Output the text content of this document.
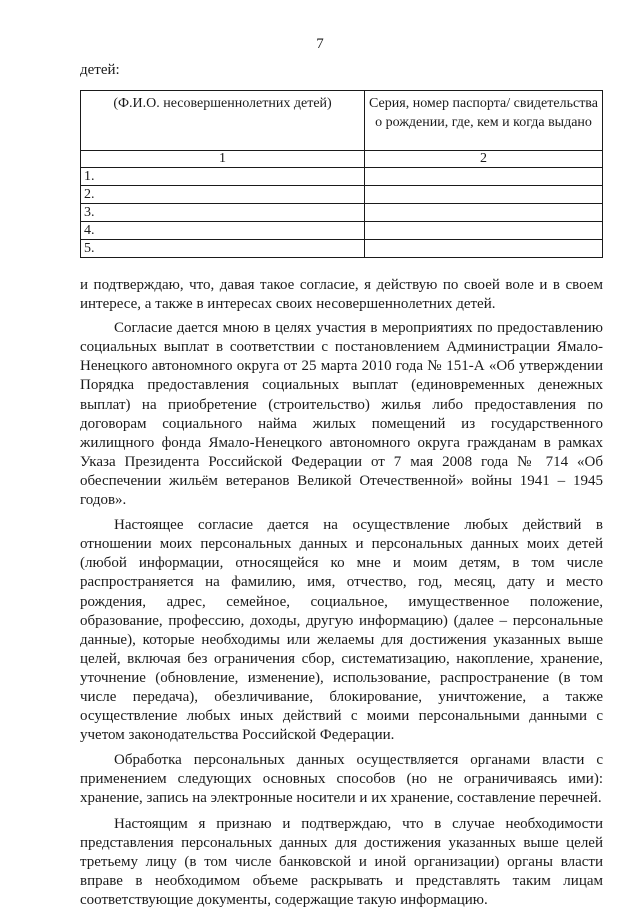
7
детей:
(Ф.И.О. несовершеннолетних детей)	Серия, номер паспорта/ свидетельства о рождении, где, кем и когда выдано
1	2
1.	
2.	
3.	
4.	
5.	

и подтверждаю, что, давая такое согласие, я действую по своей воле и в своем интересе, а также в интересах своих несовершеннолетних детей.

Согласие дается мною в целях участия в мероприятиях по предоставлению социальных выплат в соответствии с постановлением Администрации Ямало-Ненецкого автономного округа от 25 марта 2010 года № 151-А «Об утверждении Порядка предоставления социальных выплат (единовременных денежных выплат) на приобретение (строительство) жилья либо предоставления по договорам социального найма жилых помещений из государственного жилищного фонда Ямало-Ненецкого автономного округа гражданам в рамках Указа Президента Российской Федерации от 7 мая 2008 года № 714 «Об обеспечении жильём ветеранов Великой Отечественной» войны 1941 – 1945 годов».

Настоящее согласие дается на осуществление любых действий в отношении моих персональных данных и персональных данных моих детей (любой информации, относящейся ко мне и моим детям, в том числе распространяется на фамилию, имя, отчество, год, месяц, дату и место рождения, адрес, семейное, социальное, имущественное положение, образование, профессию, доходы, другую информацию) (далее – персональные данные), которые необходимы или желаемы для достижения указанных выше целей, включая без ограничения сбор, систематизацию, накопление, хранение, уточнение (обновление, изменение), использование, распространение (в том числе передача), обезличивание, блокирование, уничтожение, а также осуществление любых иных действий с моими персональными данными с учетом законодательства Российской Федерации.

Обработка персональных данных осуществляется органами власти с применением следующих основных способов (но не ограничиваясь ими): хранение, запись на электронные носители и их хранение, составление перечней.

Настоящим я признаю и подтверждаю, что в случае необходимости представления персональных данных для достижения указанных выше целей третьему лицу (в том числе банковской и иной организации) органы власти вправе в необходимом объеме раскрывать и представлять таким лицам соответствующие документы, содержащие такую информацию.
